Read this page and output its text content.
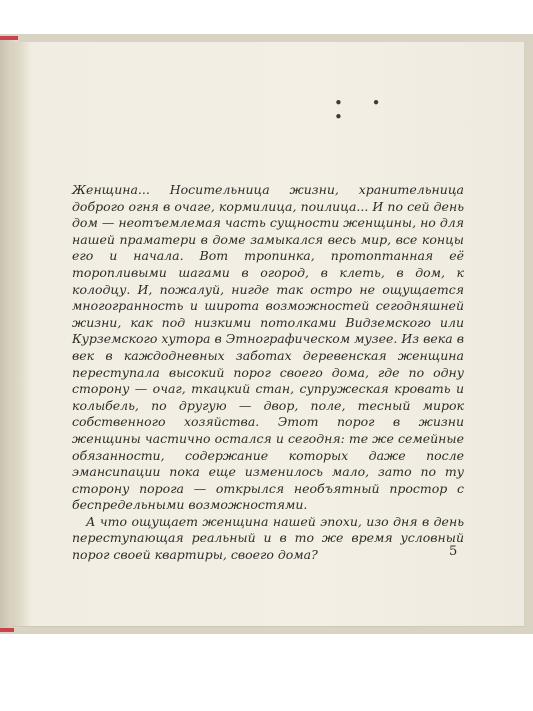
• • •

Женщина... Носительница жизни, хранительница доброго огня в очаге, кормилица, поилица... И по сей день дом — неотъемлемая часть сущности женщины, но для нашей праматери в доме замыкался весь мир, все концы его и начала. Вот тропинка, протоптанная её торопливыми шагами в огород, в клеть, в дом, к колодцу. И, пожалуй, нигде так остро не ощущается многогранность и широта возможностей сегодняшней жизни, как под низкими потолками Видземского или Курземского хутора в Этнографическом музее. Из века в век в каждодневных заботах деревенская женщина переступала высокий порог своего дома, где по одну сторону — очаг, ткацкий стан, супружеская кровать и колыбель, по другую — двор, поле, тесный мирок собственного хозяйства. Этот порог в жизни женщины частично остался и сегодня: те же семейные обязанности, содержание которых даже после эмансипации пока еще изменилось мало, зато по ту сторону порога — открылся необъятный простор с беспредельными возможностями.

А что ощущает женщина нашей эпохи, изо дня в день переступающая реальный и в то же время условный порог своей квартиры, своего дома?	5
